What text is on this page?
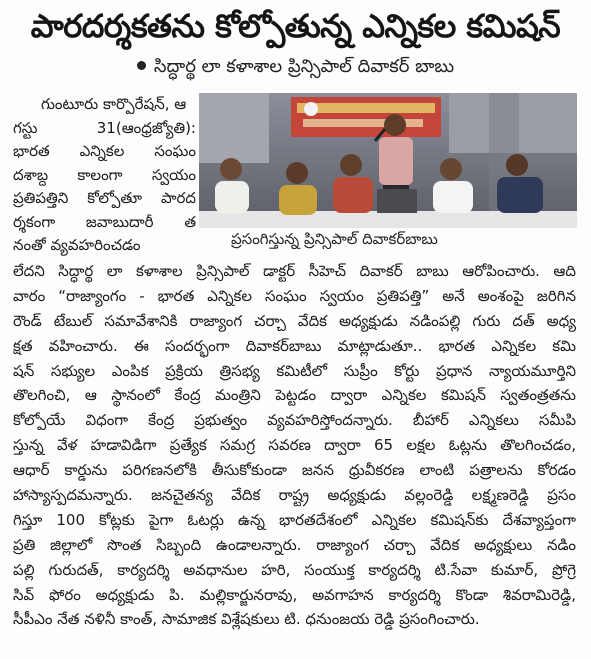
పారదర్శకతను కోల్పోతున్న ఎన్నికల కమిషన్
సిద్ధార్థ లా కళాశాల ప్రిన్సిపాల్ దివాకర్ బాబు
గుంటూరు కార్పొరేషన్, ఆ
గస్టు 31(ఆంధ్రజ్యోతి):
భారత ఎన్నికల సంఘం
దశాబ్ద కాలంగా స్వయం
ప్రతిపత్తిని కోల్పోతూ పారద
ర్శకంగా జవాబుదారీ త
నంతో వ్యవహరించడం	ప్రసంగిస్తున్న ప్రిన్సిపాల్ దివాకర్‌బాబు
లేదని సిద్ధార్థ లా కళాశాల ప్రిన్సిపాల్ డాక్టర్ సీహెచ్ దివాకర్ బాబు ఆరోపించారు. ఆది
వారం “రాజ్యాంగం - భారత ఎన్నికల సంఘం స్వయం ప్రతిపత్తి” అనే అంశంపై జరిగిన
రౌండ్ టేబుల్ సమావేశానికి రాజ్యాంగ చర్చా వేదిక అధ్యక్షుడు నడింపల్లి గురు దత్ అధ్య
క్షత వహించారు. ఈ సందర్భంగా దివాకర్‌బాబు మాట్లాడుతూ.. భారత ఎన్నికల కమి
షన్ సభ్యుల ఎంపిక ప్రక్రియ త్రిసభ్య కమిటీలో సుప్రీం కోర్టు ప్రధాన న్యాయమూర్తిని
తొలగించి, ఆ స్థానంలో కేంద్ర మంత్రిని పెట్టడం ద్వారా ఎన్నికల కమిషన్ స్వతంత్రతను
కోల్పోయే విధంగా కేంద్ర ప్రభుత్వం వ్యవహరిస్తోందన్నారు. బీహార్ ఎన్నికలు సమీపి
స్తున్న వేళ హడావిడిగా ప్రత్యేక సమగ్ర సవరణ ద్వారా 65 లక్షల ఓట్లను తొలగించడం,
ఆధార్ కార్డును పరిగణనలోకి తీసుకోకుండా జనన ధ్రువీకరణ లాంటి పత్రాలను కోరడం
హాస్యాస్పదమన్నారు. జనచైతన్య వేదిక రాష్ట్ర అధ్యక్షుడు వల్లంరెడ్డి లక్ష్మణరెడ్డి ప్రసం
గిస్తూ 100 కోట్లకు పైగా ఓటర్లు ఉన్న భారతదేశంలో ఎన్నికల కమిషన్‌కు దేశవ్యాప్తంగా
ప్రతి జిల్లాలో సొంత సిబ్బంది ఉండాలన్నారు. రాజ్యాంగ చర్చా వేదిక అధ్యక్షులు నడిం
పల్లి గురుదత్, కార్యదర్శి అవధానుల హరి, సంయుక్త కార్యదర్శి టి.సేవా కుమార్, ప్రోగ్రె
సివ్ ఫోరం అధ్యక్షుడు పి. మల్లికార్జునరావు, అవగాహన కార్యదర్శి కొండా శివరామిరెడ్డి,
సీపీఎం నేత నళినీ కాంత్, సామాజిక విశ్లేషకులు టి. ధనుంజయ రెడ్డి ప్రసంగించారు.
